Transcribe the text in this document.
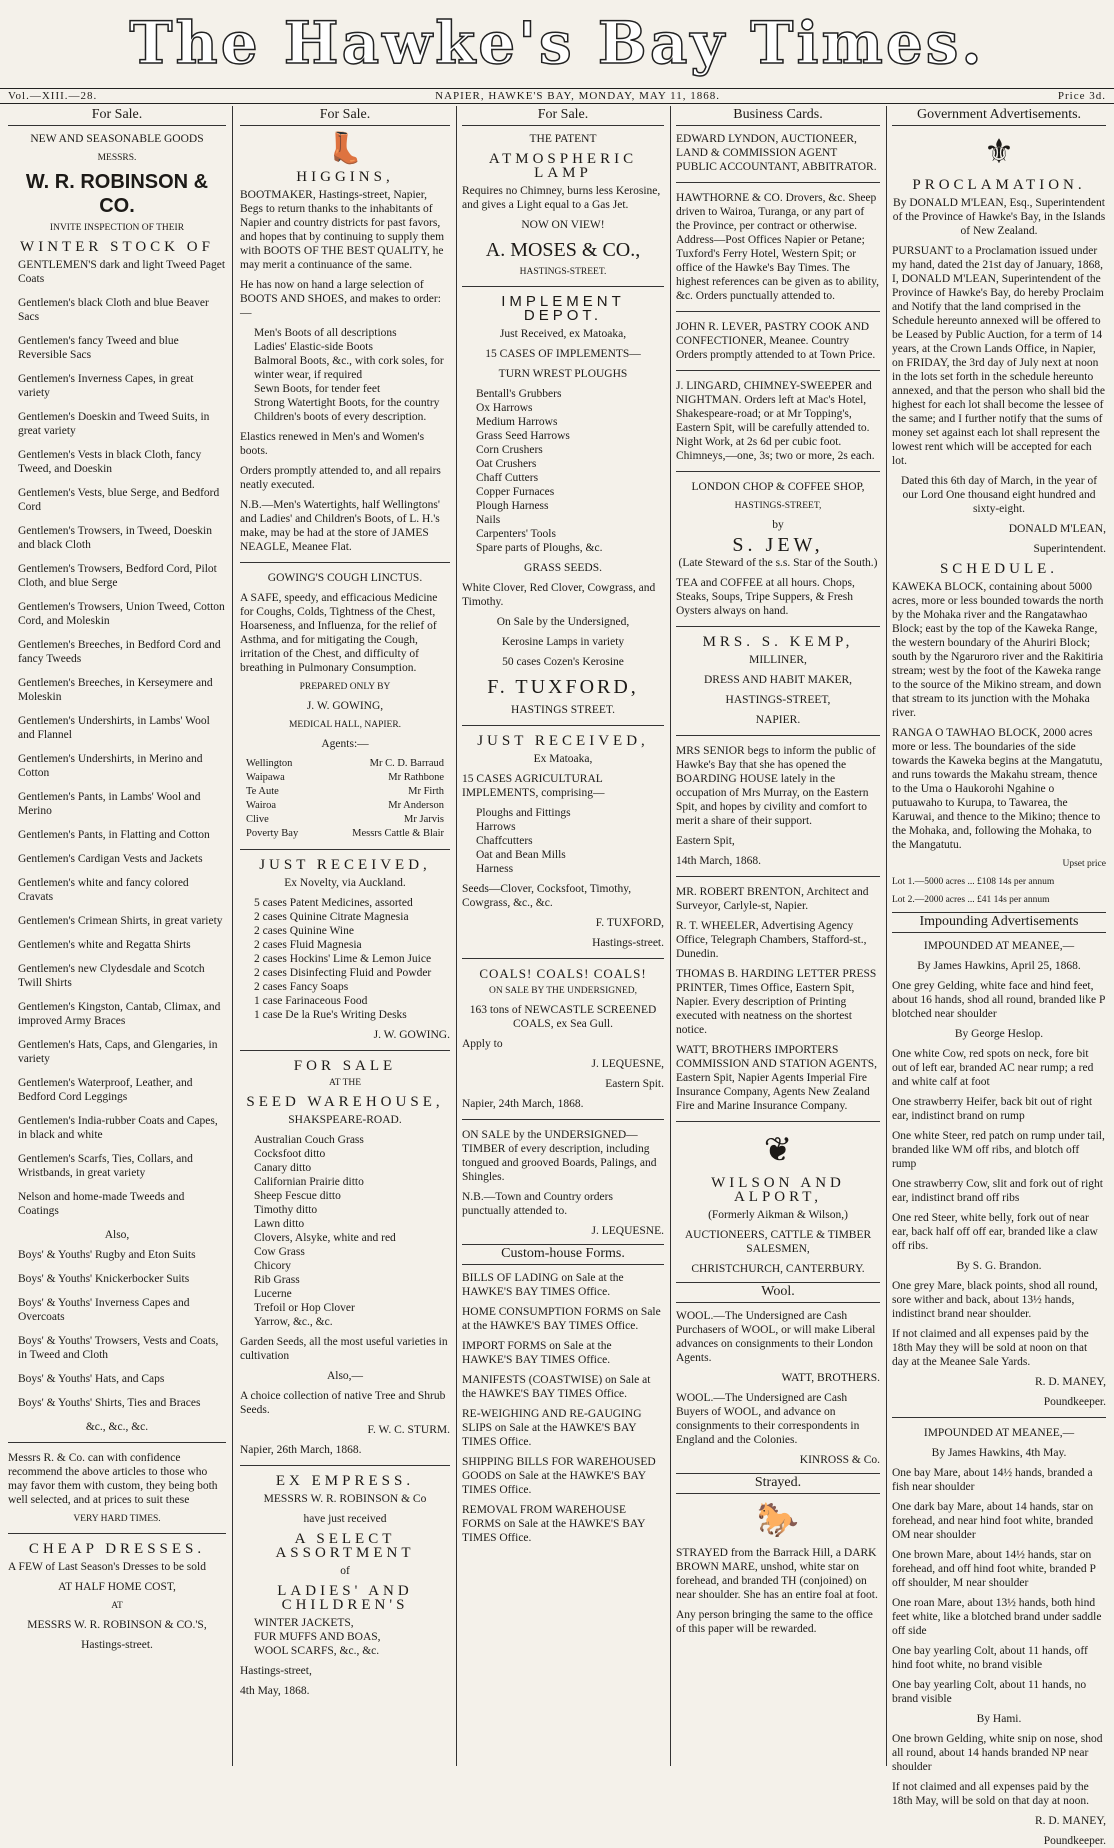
The Hawke's Bay Times.
Vol.—XIII.—28.	NAPIER, HAWKE'S BAY, MONDAY, MAY 11, 1868.	Price 3d.
For Sale.

NEW AND SEASONABLE GOODS

MESSRS.

W. R. ROBINSON & CO.

INVITE INSPECTION OF THEIR

WINTER STOCK OF

GENTLEMEN'S dark and light Tweed Paget Coats

Gentlemen's black Cloth and blue Beaver Sacs

Gentlemen's fancy Tweed and blue Reversible Sacs

Gentlemen's Inverness Capes, in great variety

Gentlemen's Doeskin and Tweed Suits, in great variety

Gentlemen's Vests in black Cloth, fancy Tweed, and Doeskin

Gentlemen's Vests, blue Serge, and Bedford Cord

Gentlemen's Trowsers, in Tweed, Doeskin and black Cloth

Gentlemen's Trowsers, Bedford Cord, Pilot Cloth, and blue Serge

Gentlemen's Trowsers, Union Tweed, Cotton Cord, and Moleskin

Gentlemen's Breeches, in Bedford Cord and fancy Tweeds

Gentlemen's Breeches, in Kerseymere and Moleskin

Gentlemen's Undershirts, in Lambs' Wool and Flannel

Gentlemen's Undershirts, in Merino and Cotton

Gentlemen's Pants, in Lambs' Wool and Merino

Gentlemen's Pants, in Flatting and Cotton

Gentlemen's Cardigan Vests and Jackets

Gentlemen's white and fancy colored Cravats

Gentlemen's Crimean Shirts, in great variety

Gentlemen's white and Regatta Shirts

Gentlemen's new Clydesdale and Scotch Twill Shirts

Gentlemen's Kingston, Cantab, Climax, and improved Army Braces

Gentlemen's Hats, Caps, and Glengaries, in variety

Gentlemen's Waterproof, Leather, and Bedford Cord Leggings

Gentlemen's India-rubber Coats and Capes, in black and white

Gentlemen's Scarfs, Ties, Collars, and Wristbands, in great variety

Nelson and home-made Tweeds and Coatings

Also,

Boys' & Youths' Rugby and Eton Suits

Boys' & Youths' Knickerbocker Suits

Boys' & Youths' Inverness Capes and Overcoats

Boys' & Youths' Trowsers, Vests and Coats, in Tweed and Cloth

Boys' & Youths' Hats, and Caps

Boys' & Youths' Shirts, Ties and Braces

&c., &c., &c.

Messrs R. & Co. can with confidence recommend the above articles to those who may favor them with custom, they being both well selected, and at prices to suit these

VERY HARD TIMES.

CHEAP DRESSES.

A FEW of Last Season's Dresses to be sold

AT HALF HOME COST,

AT

MESSRS W. R. ROBINSON & CO.'S,

Hastings-street.

For Sale.
👢
HIGGINS,

BOOTMAKER, Hastings-street, Napier, Begs to return thanks to the inhabitants of Napier and country districts for past favors, and hopes that by continuing to supply them with BOOTS OF THE BEST QUALITY, he may merit a continuance of the same.

He has now on hand a large selection of BOOTS AND SHOES, and makes to order:—

Men's Boots of all descriptions
Ladies' Elastic-side Boots
Balmoral Boots, &c., with cork soles, for winter wear, if required
Sewn Boots, for tender feet
Strong Watertight Boots, for the country
Children's boots of every description.

Elastics renewed in Men's and Women's boots.

Orders promptly attended to, and all repairs neatly executed.

N.B.—Men's Watertights, half Wellingtons' and Ladies' and Children's Boots, of L. H.'s make, may be had at the store of JAMES NEAGLE, Meanee Flat.

GOWING'S COUGH LINCTUS.

A SAFE, speedy, and efficacious Medicine for Coughs, Colds, Tightness of the Chest, Hoarseness, and Influenza, for the relief of Asthma, and for mitigating the Cough, irritation of the Chest, and difficulty of breathing in Pulmonary Consumption.

PREPARED ONLY BY

J. W. GOWING,

MEDICAL HALL, NAPIER.

Agents:—

Wellington	Mr C. D. Barraud
Waipawa	Mr Rathbone
Te Aute	Mr Firth
Wairoa	Mr Anderson
Clive	Mr Jarvis
Poverty Bay	Messrs Cattle & Blair
JUST RECEIVED,

Ex Novelty, via Auckland.

5 cases Patent Medicines, assorted
2 cases Quinine Citrate Magnesia
2 cases Quinine Wine
2 cases Fluid Magnesia
2 cases Hockins' Lime & Lemon Juice
2 cases Disinfecting Fluid and Powder
2 cases Fancy Soaps
1 case Farinaceous Food
1 case De la Rue's Writing Desks

J. W. GOWING.

FOR SALE

AT THE

SEED WAREHOUSE,

SHAKSPEARE-ROAD.

Australian Couch Grass
Cocksfoot ditto
Canary ditto
Californian Prairie ditto
Sheep Fescue ditto
Timothy ditto
Lawn ditto
Clovers, Alsyke, white and red
Cow Grass
Chicory
Rib Grass
Lucerne
Trefoil or Hop Clover
Yarrow, &c., &c.

Garden Seeds, all the most useful varieties in cultivation

Also,—

A choice collection of native Tree and Shrub Seeds.

F. W. C. STURM.

Napier, 26th March, 1868.

EX EMPRESS.

MESSRS W. R. ROBINSON & Co

have just received

A SELECT ASSORTMENT

of

LADIES' AND CHILDREN'S
WINTER JACKETS,
FUR MUFFS AND BOAS,
WOOL SCARFS, &c., &c.

Hastings-street,

4th May, 1868.

For Sale.

THE PATENT

ATMOSPHERIC LAMP

Requires no Chimney, burns less Kerosine, and gives a Light equal to a Gas Jet.

NOW ON VIEW!

A. MOSES & CO.,

HASTINGS-STREET.

IMPLEMENT DEPOT.

Just Received, ex Matoaka,

15 CASES OF IMPLEMENTS—

TURN WREST PLOUGHS

Bentall's Grubbers
Ox Harrows
Medium Harrows
Grass Seed Harrows
Corn Crushers
Oat Crushers
Chaff Cutters
Copper Furnaces
Plough Harness
Nails
Carpenters' Tools
Spare parts of Ploughs, &c.

GRASS SEEDS.

White Clover, Red Clover, Cowgrass, and Timothy.

On Sale by the Undersigned,

Kerosine Lamps in variety

50 cases Cozen's Kerosine

F. TUXFORD,

HASTINGS STREET.

JUST RECEIVED,

Ex Matoaka,

15 CASES AGRICULTURAL IMPLEMENTS, comprising—

Ploughs and Fittings
Harrows
Chaffcutters
Oat and Bean Mills
Harness

Seeds—Clover, Cocksfoot, Timothy, Cowgrass, &c., &c.

F. TUXFORD,

Hastings-street.

COALS! COALS! COALS!

ON SALE BY THE UNDERSIGNED,

163 tons of NEWCASTLE SCREENED COALS, ex Sea Gull.

Apply to

J. LEQUESNE,

Eastern Spit.

Napier, 24th March, 1868.

ON SALE by the UNDERSIGNED—TIMBER of every description, including tongued and grooved Boards, Palings, and Shingles.

N.B.—Town and Country orders punctually attended to.

J. LEQUESNE.

Custom-house Forms.

BILLS OF LADING on Sale at the HAWKE'S BAY TIMES Office.

HOME CONSUMPTION FORMS on Sale at the HAWKE'S BAY TIMES Office.

IMPORT FORMS on Sale at the HAWKE'S BAY TIMES Office.

MANIFESTS (COASTWISE) on Sale at the HAWKE'S BAY TIMES Office.

RE-WEIGHING AND RE-GAUGING SLIPS on Sale at the HAWKE'S BAY TIMES Office.

SHIPPING BILLS FOR WAREHOUSED GOODS on Sale at the HAWKE'S BAY TIMES Office.

REMOVAL FROM WAREHOUSE FORMS on Sale at the HAWKE'S BAY TIMES Office.

Business Cards.

EDWARD LYNDON, AUCTIONEER, LAND & COMMISSION AGENT PUBLIC ACCOUNTANT, ABBITRATOR.

HAWTHORNE & CO. Drovers, &c. Sheep driven to Wairoa, Turanga, or any part of the Province, per contract or otherwise. Address—Post Offices Napier or Petane; Tuxford's Ferry Hotel, Western Spit; or office of the Hawke's Bay Times. The highest references can be given as to ability, &c. Orders punctually attended to.

JOHN R. LEVER, PASTRY COOK AND CONFECTIONER, Meanee. Country Orders promptly attended to at Town Price.

J. LINGARD, CHIMNEY-SWEEPER and NIGHTMAN. Orders left at Mac's Hotel, Shakespeare-road; or at Mr Topping's, Eastern Spit, will be carefully attended to. Night Work, at 2s 6d per cubic foot. Chimneys,—one, 3s; two or more, 2s each.

LONDON CHOP & COFFEE SHOP,

HASTINGS-STREET,

by

S. JEW,

(Late Steward of the s.s. Star of the South.)

TEA and COFFEE at all hours. Chops, Steaks, Soups, Tripe Suppers, & Fresh Oysters always on hand.

MRS. S. KEMP,

MILLINER,

DRESS AND HABIT MAKER,

HASTINGS-STREET,

NAPIER.

MRS SENIOR begs to inform the public of Hawke's Bay that she has opened the BOARDING HOUSE lately in the occupation of Mrs Murray, on the Eastern Spit, and hopes by civility and comfort to merit a share of their support.

Eastern Spit,

14th March, 1868.

MR. ROBERT BRENTON, Architect and Surveyor, Carlyle-st, Napier.

R. T. WHEELER, Advertising Agency Office, Telegraph Chambers, Stafford-st., Dunedin.

THOMAS B. HARDING LETTER PRESS PRINTER, Times Office, Eastern Spit, Napier. Every description of Printing executed with neatness on the shortest notice.

WATT, BROTHERS IMPORTERS COMMISSION AND STATION AGENTS, Eastern Spit, Napier Agents Imperial Fire Insurance Company, Agents New Zealand Fire and Marine Insurance Company.

❦
WILSON AND ALPORT,

(Formerly Aikman & Wilson,)

AUCTIONEERS, CATTLE & TIMBER SALESMEN,

CHRISTCHURCH, CANTERBURY.

Wool.

WOOL.—The Undersigned are Cash Purchasers of WOOL, or will make Liberal advances on consignments to their London Agents.

WATT, BROTHERS.

WOOL.—The Undersigned are Cash Buyers of WOOL, and advance on consignments to their correspondents in England and the Colonies.

KINROSS & Co.

Strayed.
🐎

STRAYED from the Barrack Hill, a DARK BROWN MARE, unshod, white star on forehead, and branded TH (conjoined) on near shoulder. She has an entire foal at foot.

Any person bringing the same to the office of this paper will be rewarded.

Government Advertisements.
⚜
PROCLAMATION.

By DONALD M'LEAN, Esq., Superintendent of the Province of Hawke's Bay, in the Islands of New Zealand.

PURSUANT to a Proclamation issued under my hand, dated the 21st day of January, 1868, I, DONALD M'LEAN, Superintendent of the Province of Hawke's Bay, do hereby Proclaim and Notify that the land comprised in the Schedule hereunto annexed will be offered to be Leased by Public Auction, for a term of 14 years, at the Crown Lands Office, in Napier, on FRIDAY, the 3rd day of July next at noon in the lots set forth in the schedule hereunto annexed, and that the person who shall bid the highest for each lot shall become the lessee of the same; and I further notify that the sums of money set against each lot shall represent the lowest rent which will be accepted for each lot.

Dated this 6th day of March, in the year of our Lord One thousand eight hundred and sixty-eight.

DONALD M'LEAN,

Superintendent.

SCHEDULE.

KAWEKA BLOCK, containing about 5000 acres, more or less bounded towards the north by the Mohaka river and the Rangatawhao Block; east by the top of the Kaweka Range, the western boundary of the Ahuriri Block; south by the Ngaruroro river and the Rakitiria stream; west by the foot of the Kaweka range to the source of the Mikino stream, and down that stream to its junction with the Mohaka river.

RANGA O TAWHAO BLOCK, 2000 acres more or less. The boundaries of the side towards the Kaweka begins at the Mangatutu, and runs towards the Makahu stream, thence to the Uma o Haukorohi Ngahine o putuawaho to Kurupa, to Tawarea, the Karuwai, and thence to the Mikino; thence to the Mohaka, and, following the Mohaka, to the Mangatutu.

Upset price

Lot 1.—5000 acres ... £108 14s per annum

Lot 2.—2000 acres ... £41 14s per annum

Impounding Advertisements

IMPOUNDED AT MEANEE,—

By James Hawkins, April 25, 1868.

One grey Gelding, white face and hind feet, about 16 hands, shod all round, branded like P blotched near shoulder

By George Heslop.

One white Cow, red spots on neck, fore bit out of left ear, branded AC near rump; a red and white calf at foot

One strawberry Heifer, back bit out of right ear, indistinct brand on rump

One white Steer, red patch on rump under tail, branded like WM off ribs, and blotch off rump

One strawberry Cow, slit and fork out of right ear, indistinct brand off ribs

One red Steer, white belly, fork out of near ear, back half off off ear, branded like a claw off ribs.

By S. G. Brandon.

One grey Mare, black points, shod all round, sore wither and back, about 13½ hands, indistinct brand near shoulder.

If not claimed and all expenses paid by the 18th May they will be sold at noon on that day at the Meanee Sale Yards.

R. D. MANEY,

Poundkeeper.

IMPOUNDED AT MEANEE,—

By James Hawkins, 4th May.

One bay Mare, about 14½ hands, branded a fish near shoulder

One dark bay Mare, about 14 hands, star on forehead, and near hind foot white, branded OM near shoulder

One brown Mare, about 14½ hands, star on forehead, and off hind foot white, branded P off shoulder, M near shoulder

One roan Mare, about 13½ hands, both hind feet white, like a blotched brand under saddle off side

One bay yearling Colt, about 11 hands, off hind foot white, no brand visible

One bay yearling Colt, about 11 hands, no brand visible

By Hami.

One brown Gelding, white snip on nose, shod all round, about 14 hands branded NP near shoulder

If not claimed and all expenses paid by the 18th May, will be sold on that day at noon.

R. D. MANEY,

Poundkeeper.
